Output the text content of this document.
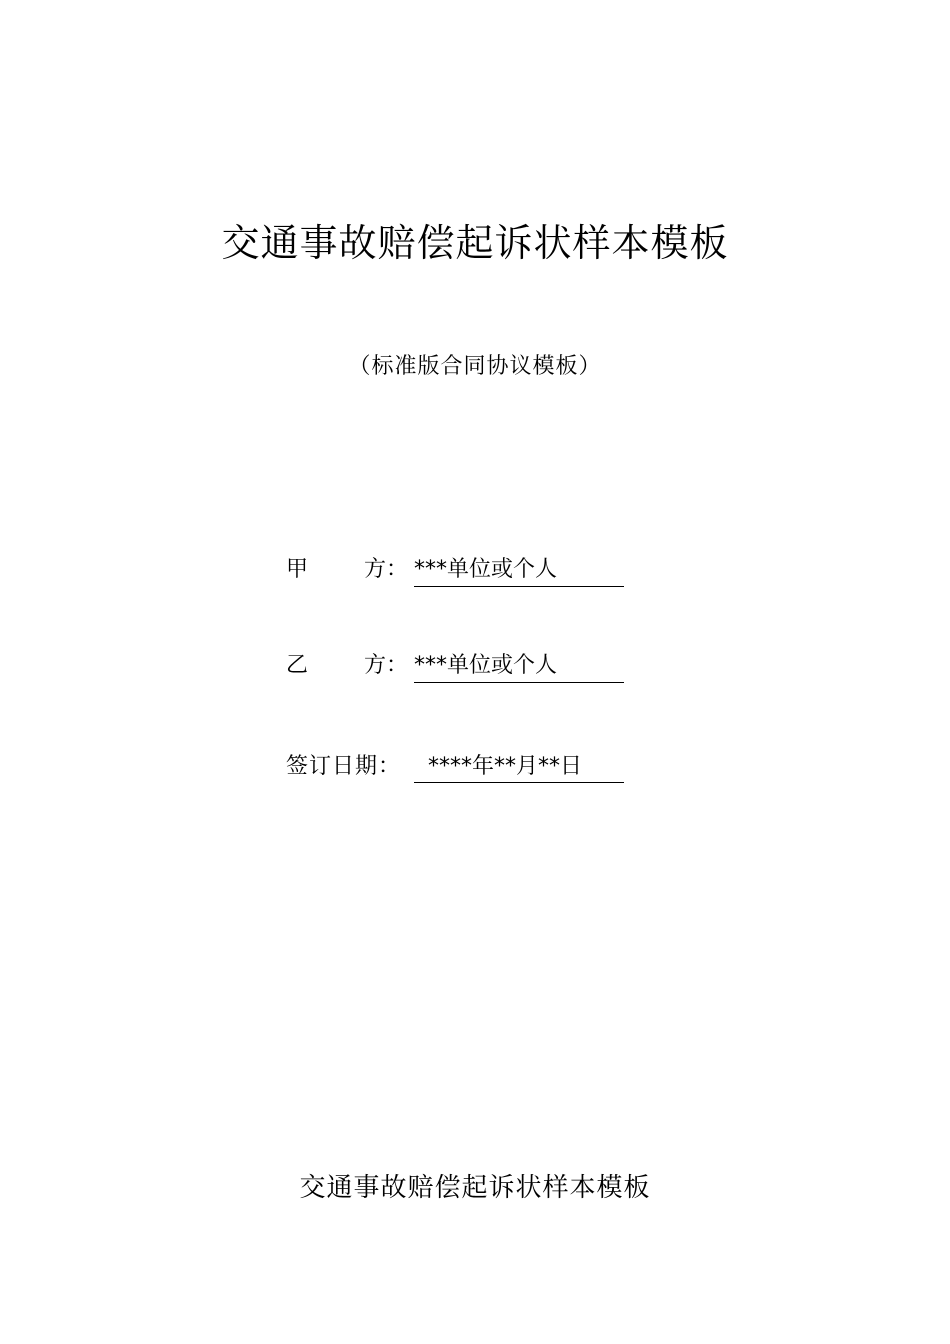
交通事故赔偿起诉状样本模板
（标准版合同协议模板）
甲	方： ***单位或个人
乙	方： ***单位或个人
签订日期：	****年**月**日
交通事故赔偿起诉状样本模板
